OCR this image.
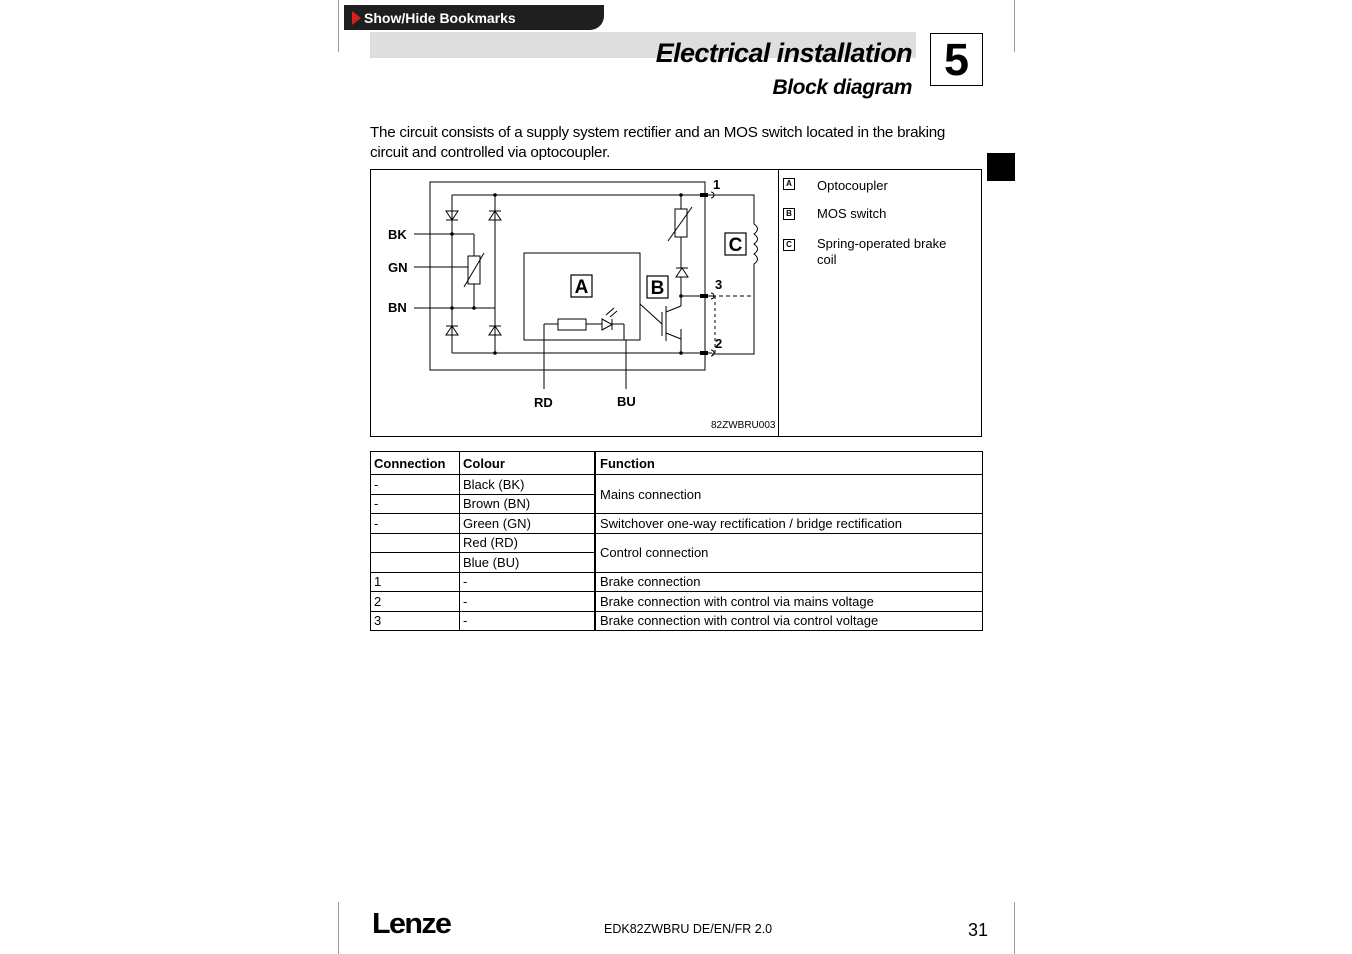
Show/Hide Bookmarks
Electrical installation
Block diagram
5
The circuit consists of a supply system rectifier and an MOS switch located in the braking circuit and controlled via optocoupler.
BK
GN
BN
RD	BU
1
3
2
A	B
C
A Optocoupler
B MOS switch
C Spring-operated brake coil
82ZWBRU003
Connection	Colour	Function
-	Black (BK)	Mains connection
-	Brown (BN)	
-	Green (GN)	Switchover one-way rectification / bridge rectification
	Red (RD)	Control connection
	Blue (BU)	
1	-	Brake connection
2	-	Brake connection with control via mains voltage
3	-	Brake connection with control via control voltage
Lenze	EDK82ZWBRU DE/EN/FR 2.0	31
